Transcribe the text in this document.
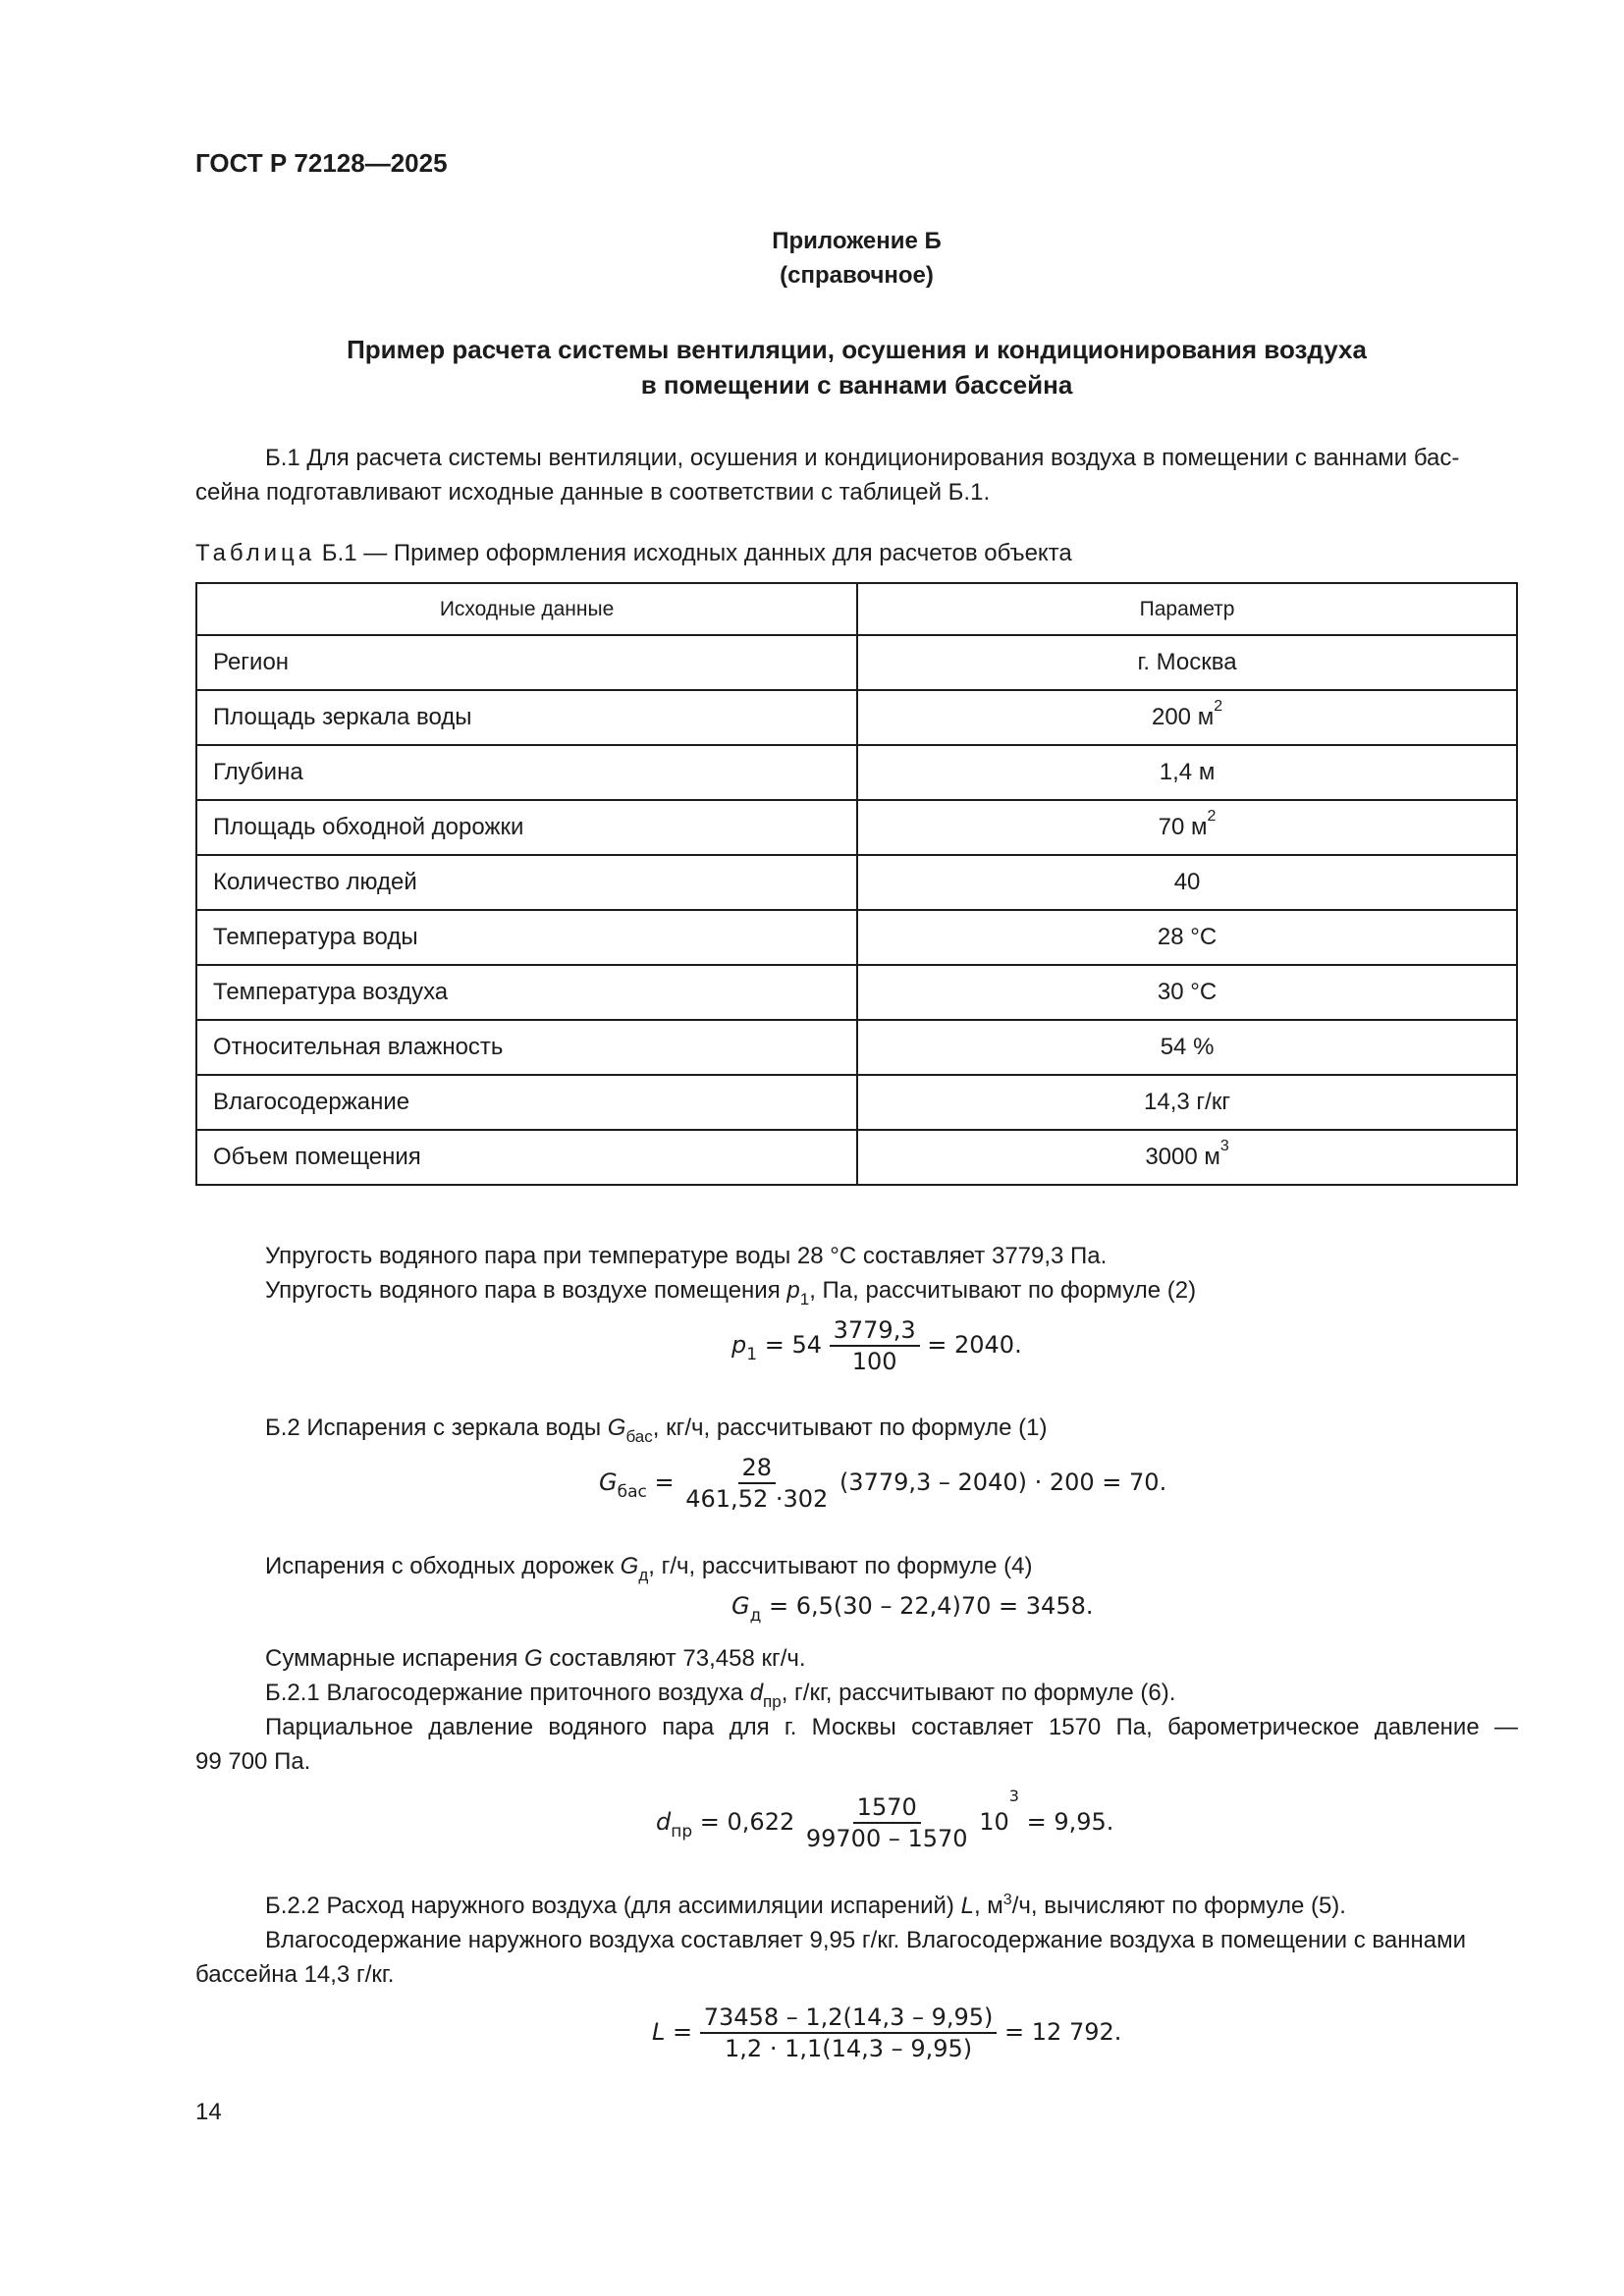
ГОСТ Р 72128—2025
Приложение Б
(справочное)
Пример расчета системы вентиляции, осушения и кондиционирования воздуха
в помещении с ваннами бассейна
Б.1 Для расчета системы вентиляции, осушения и кондиционирования воздуха в помещении с ваннами бас-
сейна подготавливают исходные данные в соответствии с таблицей Б.1.
Таблица Б.1 — Пример оформления исходных данных для расчетов объекта
Исходные данные	Параметр
Регион	г. Москва
Площадь зеркала воды	200 $м^2$
Глубина	1,4 м
Площадь обходной дорожки	70 $м^2$
Количество людей	40
Температура воды	28 °C
Температура воздуха	30 °C
Относительная влажность	54 %
Влагосодержание	14,3 г/кг
Объем помещения	3000 $м^3$
Упругость водяного пара при температуре воды 28 °С составляет 3779,3 Па.
Упругость водяного пара в воздухе помещения $p_1$, Па, рассчитывают по формуле (2)
$p_1 = 54 \frac{3779,3}{100} = 2040$.
Б.2 Испарения с зеркала воды $G_{бас}$, кг/ч, рассчитывают по формуле (1)
$G_{бас} = \frac{28}{461,52 \cdot 302} (3779,3 - 2040) \cdot 200 = 70$.
Испарения с обходных дорожек $G_д$, г/ч, рассчитывают по формуле (4)
$G_д = 6,5(30 - 22,4)70 = 3458$.
Суммарные испарения G составляют 73,458 кг/ч.
Б.2.1 Влагосодержание приточного воздуха $d_{пр}$, г/кг, рассчитывают по формуле (6).
Парциальное давление водяного пара для г. Москвы составляет 1570 Па, барометрическое давление —
99 700 Па.
$d_{пр} = 0,622 \frac{1570}{99700 - 1570} 10^3 = 9,95$.
Б.2.2 Расход наружного воздуха (для ассимиляции испарений) L, $м^3/ч$, вычисляют по формуле (5).
Влагосодержание наружного воздуха составляет 9,95 г/кг. Влагосодержание воздуха в помещении с ваннами
бассейна 14,3 г/кг.
$L = \frac{73458 - 1,2(14,3 - 9,95)}{1,2 \cdot 1,1(14,3 - 9,95)} = 12$ 792.
14
